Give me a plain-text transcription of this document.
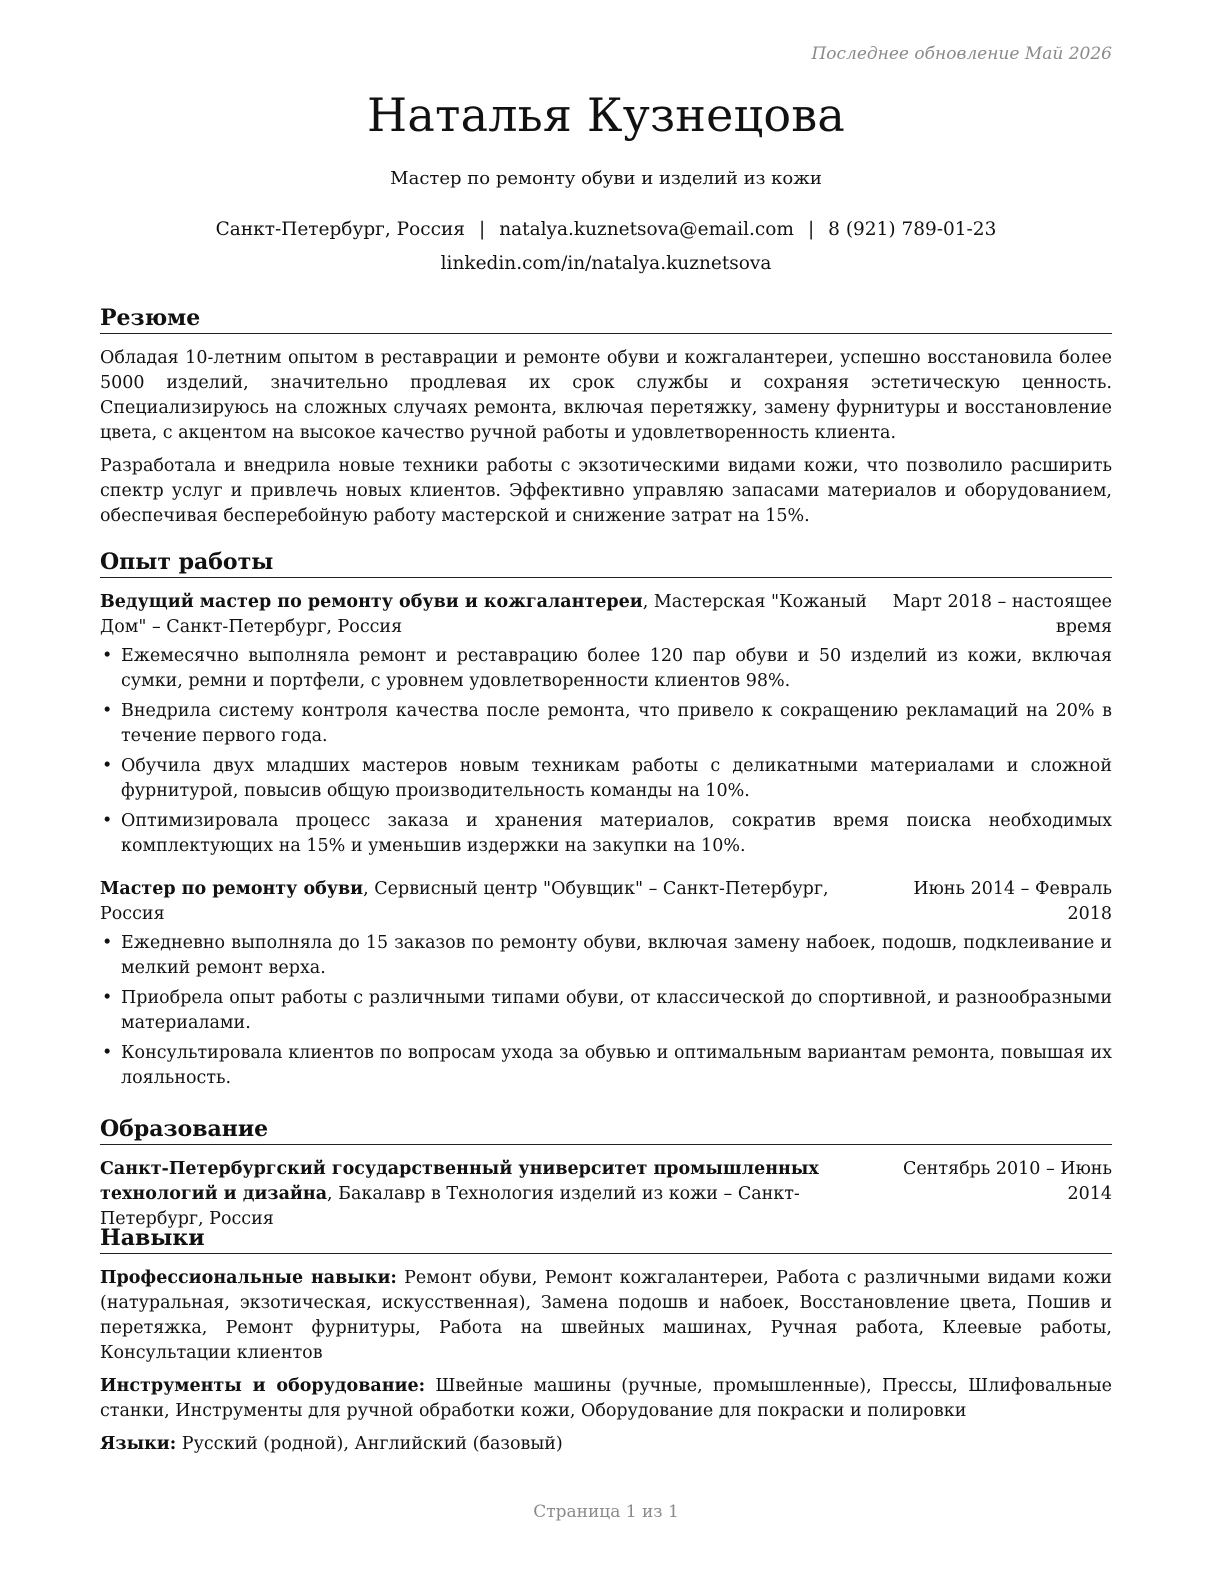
Последнее обновление Май 2026
Наталья Кузнецова
Мастер по ремонту обуви и изделий из кожи
Санкт-Петербург, Россия | natalya.kuznetsova@email.com | 8 (921) 789-01-23
linkedin.com/in/natalya.kuznetsova
Резюме

Обладая 10-летним опытом в реставрации и ремонте обуви и кожгалантереи, успешно восстановила более 5000 изделий, значительно продлевая их срок службы и сохраняя эстетическую ценность. Специализируюсь на сложных случаях ремонта, включая перетяжку, замену фурнитуры и восстановление цвета, с акцентом на высокое качество ручной работы и удовлетворенность клиента.

Разработала и внедрила новые техники работы с экзотическими видами кожи, что позволило расширить спектр услуг и привлечь новых клиентов. Эффективно управляю запасами материалов и оборудованием, обеспечивая бесперебойную работу мастерской и снижение затрат на 15%.

Опыт работы
Ведущий мастер по ремонту обуви и кожгалантереи, Мастерская "Кожаный Дом" – Санкт-Петербург, Россия
Март 2018 – настоящее время
• Ежемесячно выполняла ремонт и реставрацию более 120 пар обуви и 50 изделий из кожи, включая сумки, ремни и портфели, с уровнем удовлетворенности клиентов 98%.
• Внедрила систему контроля качества после ремонта, что привело к сокращению рекламаций на 20% в течение первого года.
• Обучила двух младших мастеров новым техникам работы с деликатными материалами и сложной фурнитурой, повысив общую производительность команды на 10%.
• Оптимизировала процесс заказа и хранения материалов, сократив время поиска необходимых комплектующих на 15% и уменьшив издержки на закупки на 10%.
Мастер по ремонту обуви, Сервисный центр "Обувщик" – Санкт-Петербург, Россия
Июнь 2014 – Февраль 2018
• Ежедневно выполняла до 15 заказов по ремонту обуви, включая замену набоек, подошв, подклеивание и мелкий ремонт верха.
• Приобрела опыт работы с различными типами обуви, от классической до спортивной, и разнообразными материалами.
• Консультировала клиентов по вопросам ухода за обувью и оптимальным вариантам ремонта, повышая их лояльность.
Образование
Санкт-Петербургский государственный университет промышленных технологий и дизайна, Бакалавр в Технология изделий из кожи – Санкт-Петербург, Россия
Сентябрь 2010 – Июнь 2014
Навыки

Профессиональные навыки: Ремонт обуви, Ремонт кожгалантереи, Работа с различными видами кожи (натуральная, экзотическая, искусственная), Замена подошв и набоек, Восстановление цвета, Пошив и перетяжка, Ремонт фурнитуры, Работа на швейных машинах, Ручная работа, Клеевые работы, Консультации клиентов

Инструменты и оборудование: Швейные машины (ручные, промышленные), Прессы, Шлифовальные станки, Инструменты для ручной обработки кожи, Оборудование для покраски и полировки

Языки: Русский (родной), Английский (базовый)

Страница 1 из 1
